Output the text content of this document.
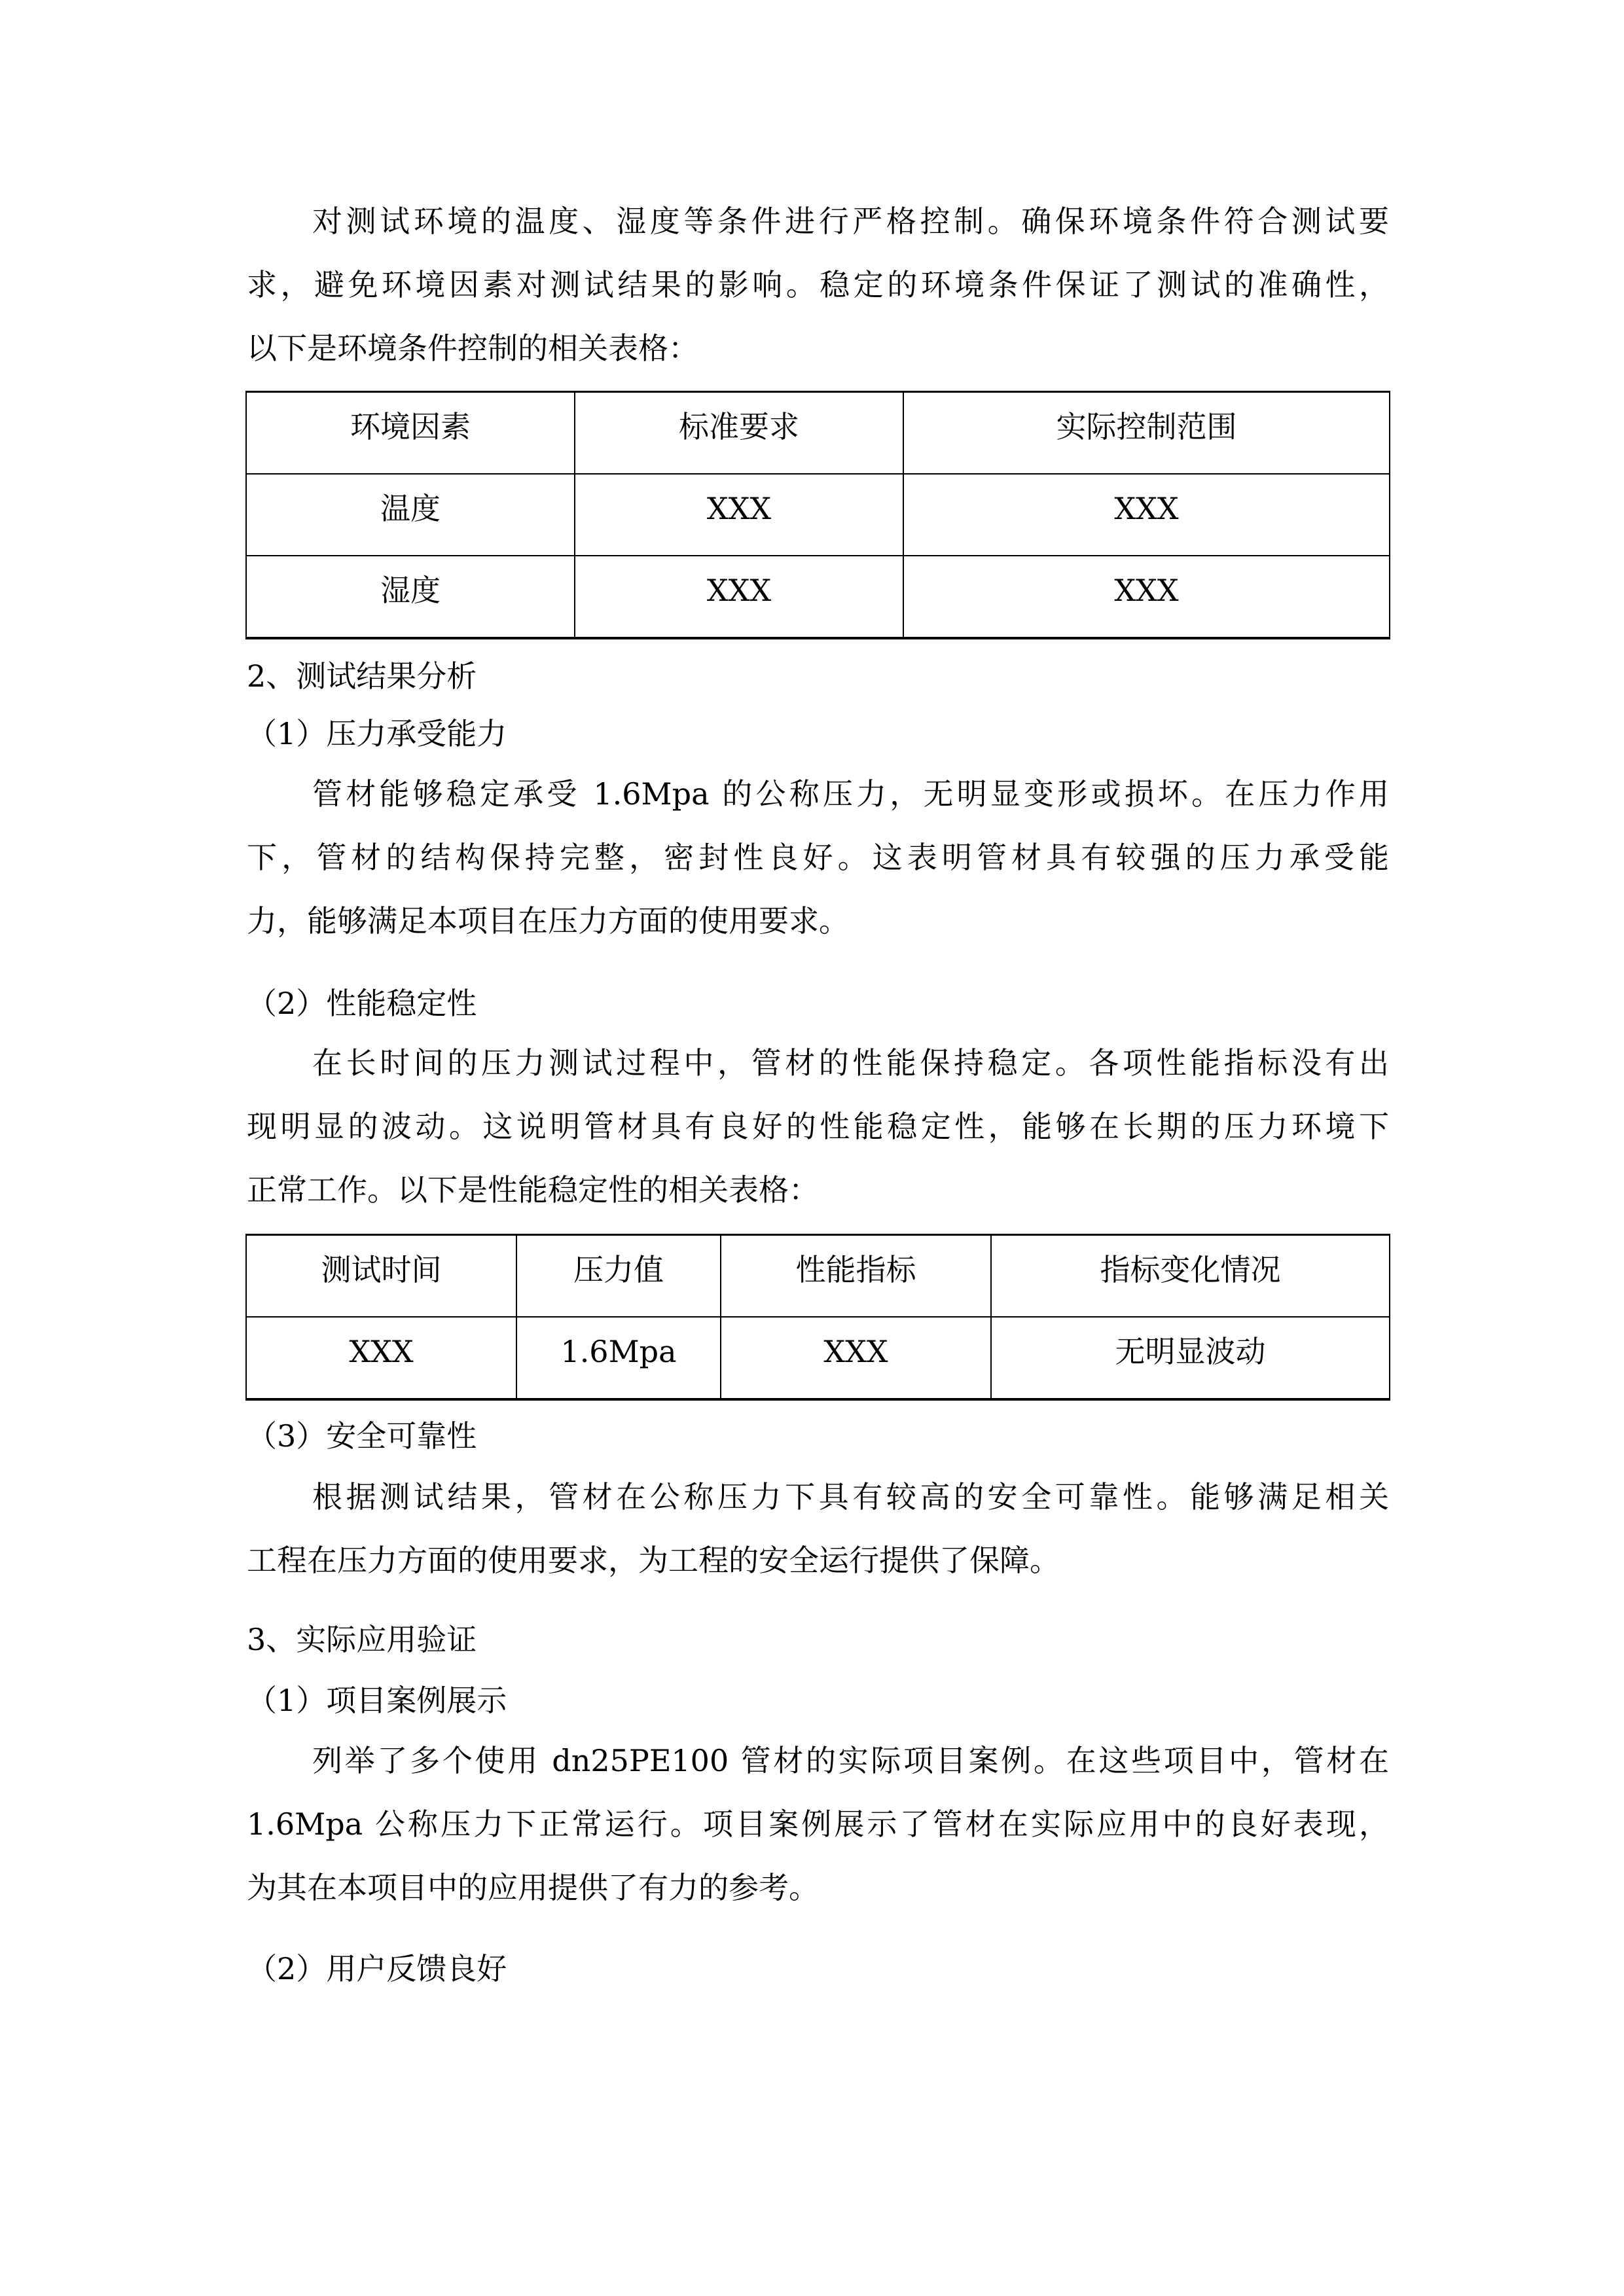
对测试环境的温度、湿度等条件进行严格控制。确保环境条件符合测试要
求，避免环境因素对测试结果的影响。稳定的环境条件保证了测试的准确性，
以下是环境条件控制的相关表格：
环境因素	标准要求	实际控制范围
温度	XXX	XXX
湿度	XXX	XXX
2、测试结果分析
（1）压力承受能力
管材能够稳定承受 1.6Mpa 的公称压力，无明显变形或损坏。在压力作用
下，管材的结构保持完整，密封性良好。这表明管材具有较强的压力承受能
力，能够满足本项目在压力方面的使用要求。
（2）性能稳定性
在长时间的压力测试过程中，管材的性能保持稳定。各项性能指标没有出
现明显的波动。这说明管材具有良好的性能稳定性，能够在长期的压力环境下
正常工作。以下是性能稳定性的相关表格：
测试时间	压力值	性能指标	指标变化情况
XXX	1.6Mpa	XXX	无明显波动
（3）安全可靠性
根据测试结果，管材在公称压力下具有较高的安全可靠性。能够满足相关
工程在压力方面的使用要求，为工程的安全运行提供了保障。
3、实际应用验证
（1）项目案例展示
列举了多个使用 dn25PE100 管材的实际项目案例。在这些项目中，管材在
1.6Mpa 公称压力下正常运行。项目案例展示了管材在实际应用中的良好表现，
为其在本项目中的应用提供了有力的参考。
（2）用户反馈良好
